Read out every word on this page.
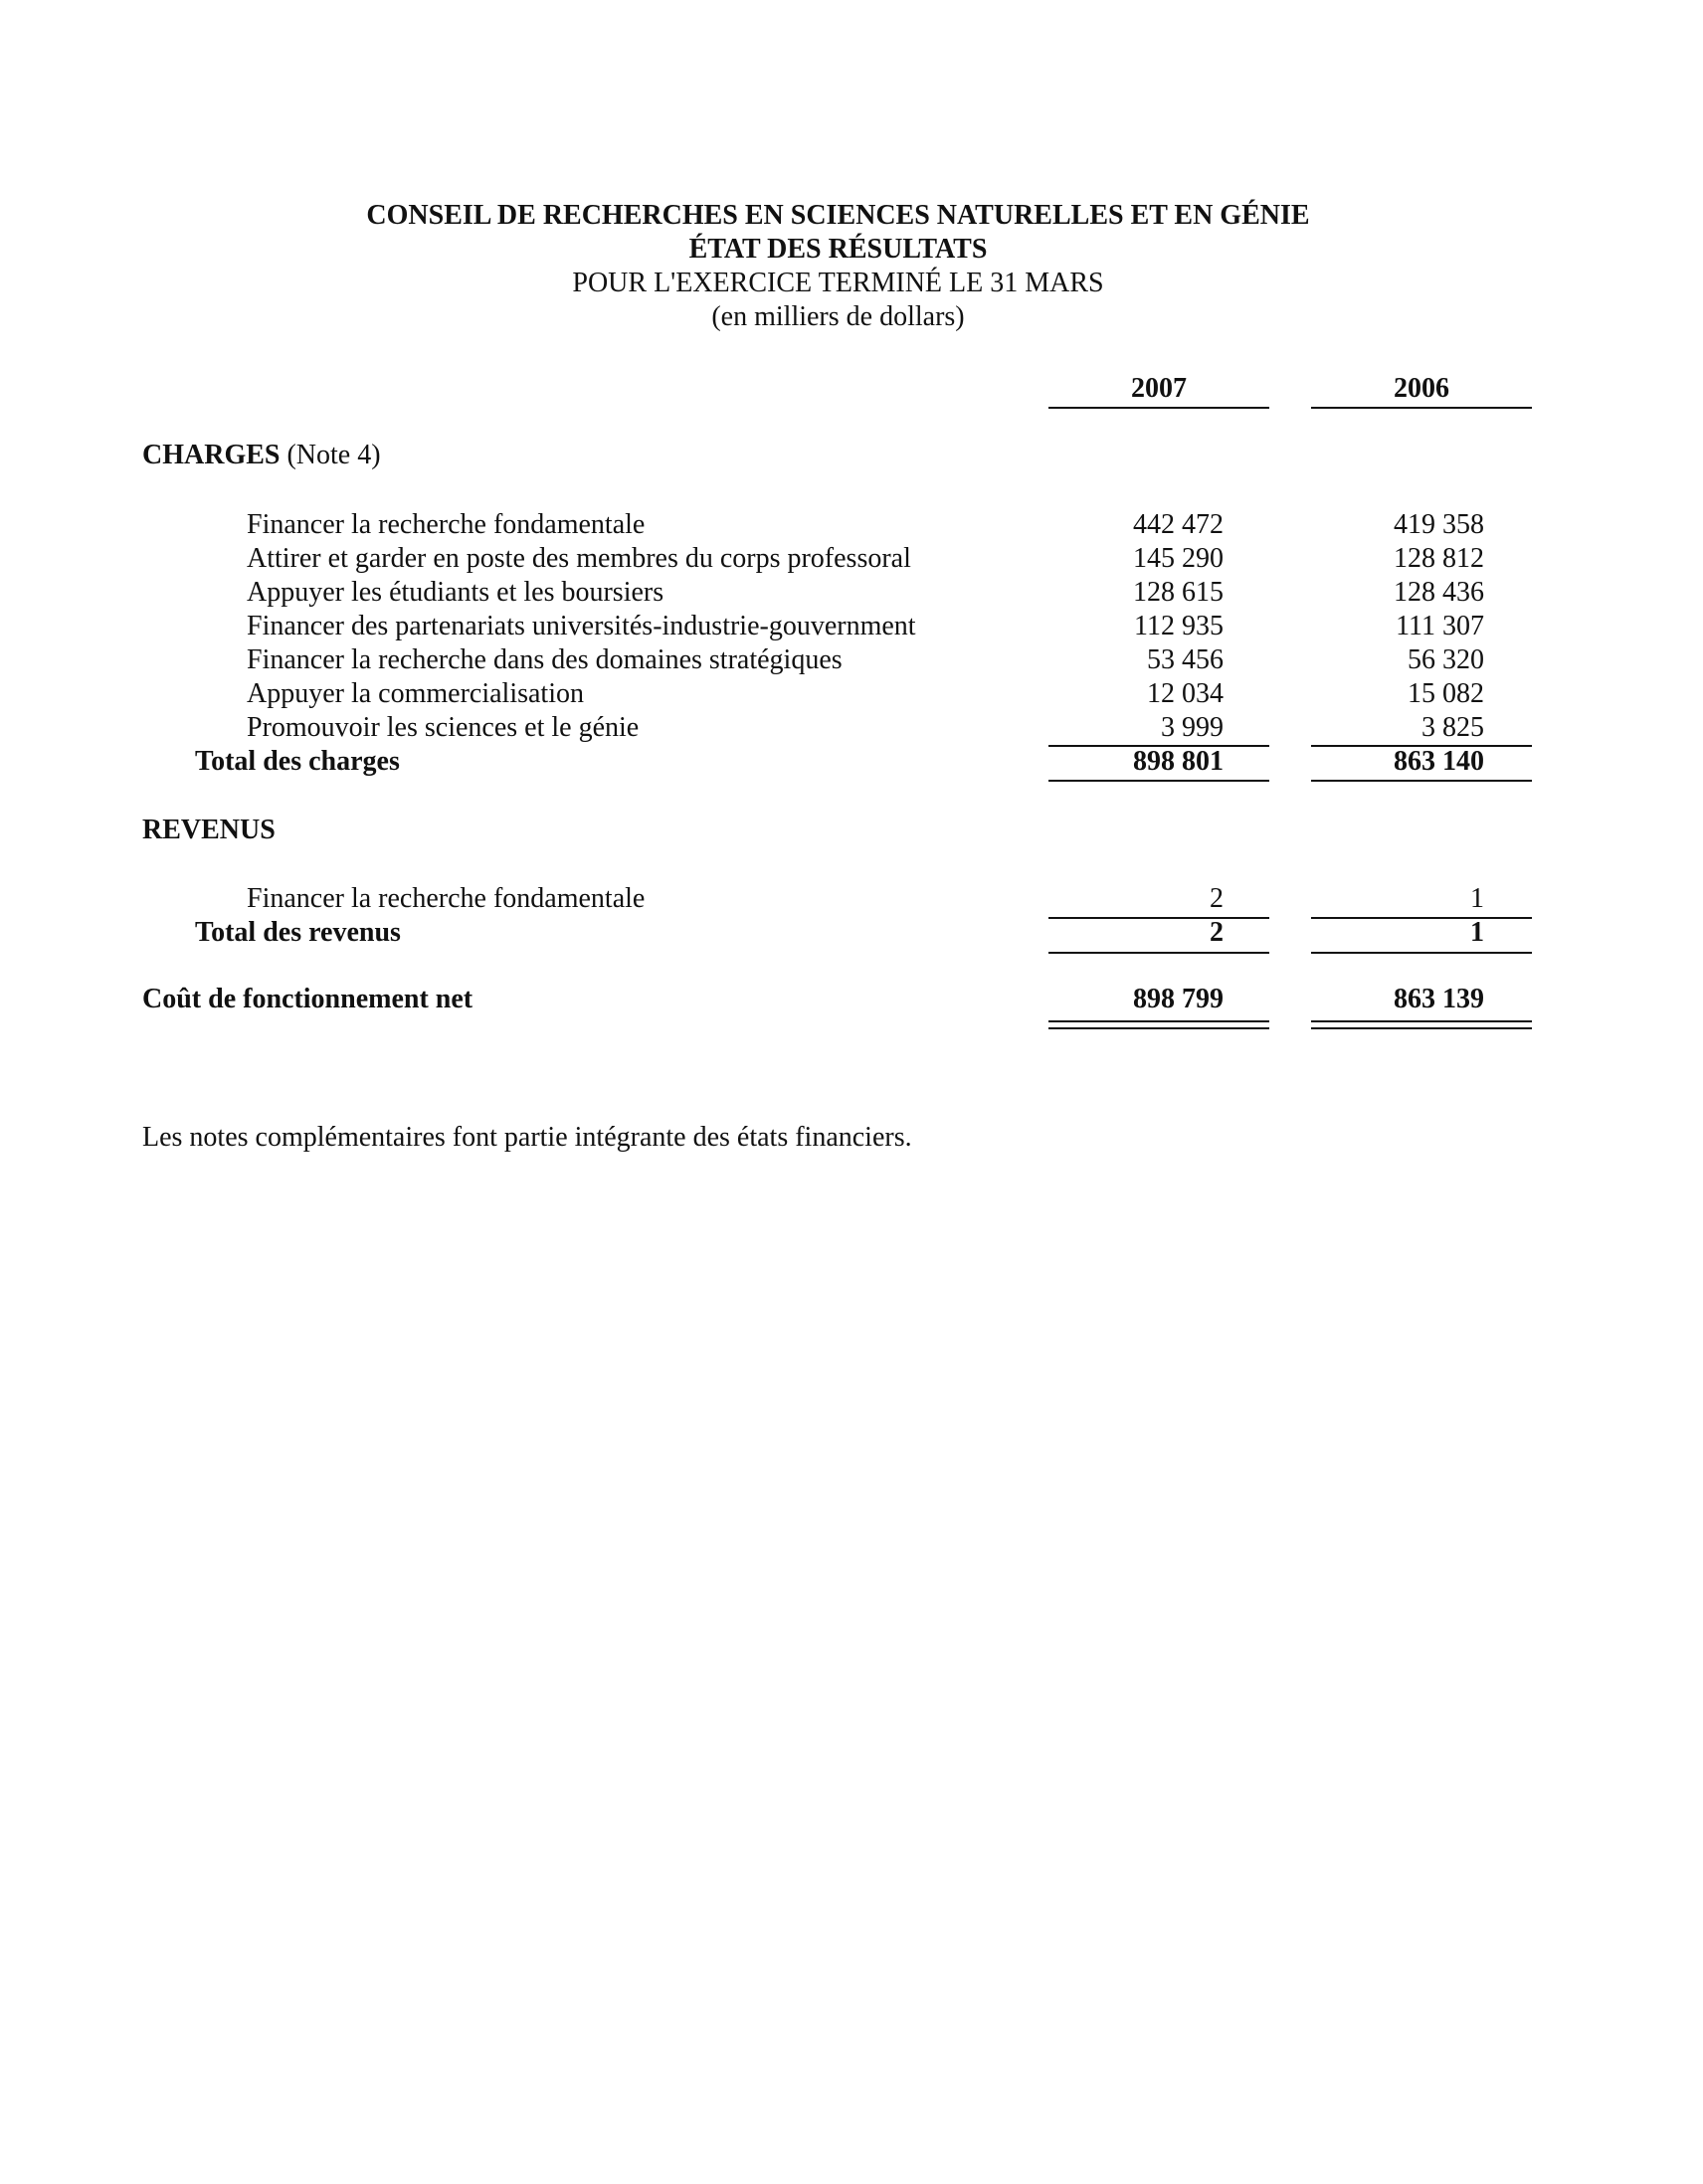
CONSEIL DE RECHERCHES EN SCIENCES NATURELLES ET EN GÉNIE
ÉTAT DES RÉSULTATS
POUR L'EXERCICE TERMINÉ LE 31 MARS
(en milliers de dollars)
2007	2006
CHARGES (Note 4)
Financer la recherche fondamentale	442 472	419 358
Attirer et garder en poste des membres du corps professoral	145 290	128 812
Appuyer les étudiants et les boursiers	128 615	128 436
Financer des partenariats universités-industrie-gouvernment	112 935	111 307
Financer la recherche dans des domaines stratégiques	53 456	56 320
Appuyer la commercialisation	12 034	15 082
Promouvoir les sciences et le génie	3 999	3 825
Total des charges	898 801	863 140
REVENUS
Financer la recherche fondamentale	2	1
Total des revenus	2	1
Coût de fonctionnement net	898 799	863 139
Les notes complémentaires font partie intégrante des états financiers.
